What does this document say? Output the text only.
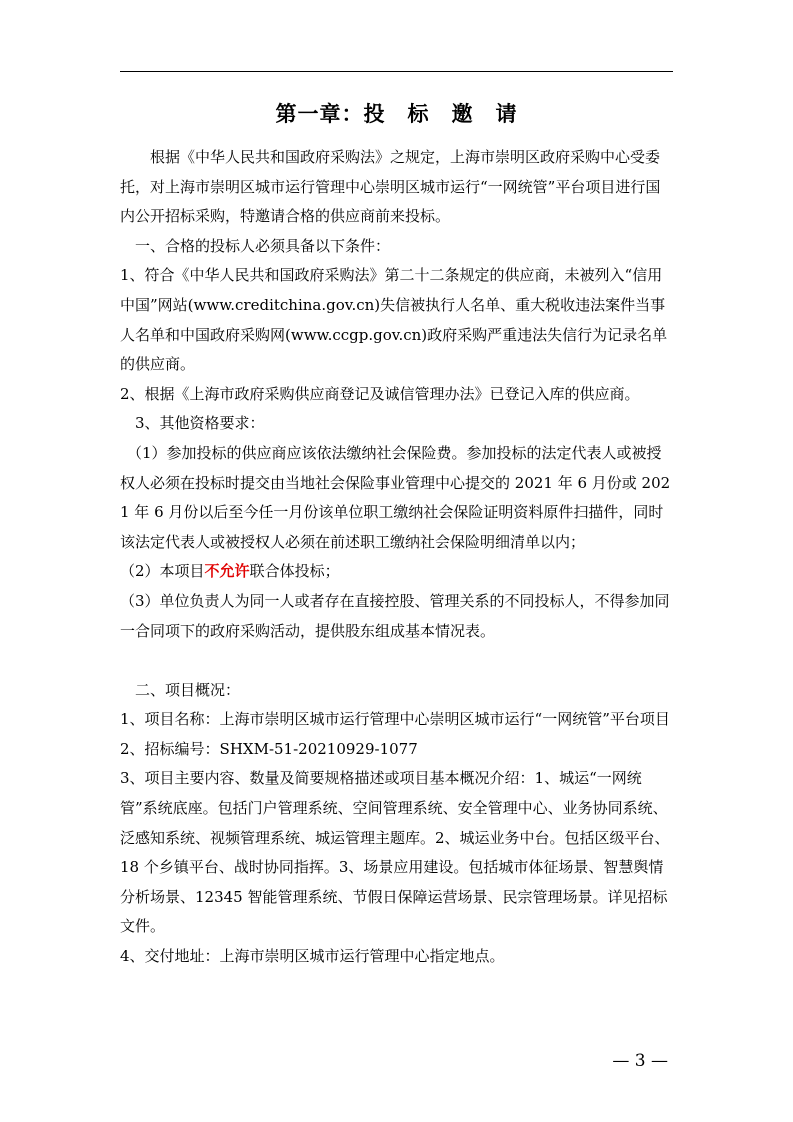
第一章：投　标　邀　请

根据《中华人民共和国政府采购法》之规定，上海市崇明区政府采购中心受委托，对上海市崇明区城市运行管理中心崇明区城市运行“一网统管”平台项目进行国内公开招标采购，特邀请合格的供应商前来投标。

一、合格的投标人必须具备以下条件：

1、符合《中华人民共和国政府采购法》第二十二条规定的供应商，未被列入“信用中国”网站(www.creditchina.gov.cn)失信被执行人名单、重大税收违法案件当事人名单和中国政府采购网(www.ccgp.gov.cn)政府采购严重违法失信行为记录名单的供应商。

2、根据《上海市政府采购供应商登记及诚信管理办法》已登记入库的供应商。

3、其他资格要求：

（1）参加投标的供应商应该依法缴纳社会保险费。参加投标的法定代表人或被授权人必须在投标时提交由当地社会保险事业管理中心提交的 2021 年 6 月份或 2021 年 6 月份以后至今任一月份该单位职工缴纳社会保险证明资料原件扫描件，同时该法定代表人或被授权人必须在前述职工缴纳社会保险明细清单以内；

（2）本项目不允许联合体投标；

（3）单位负责人为同一人或者存在直接控股、管理关系的不同投标人，不得参加同一合同项下的政府采购活动，提供股东组成基本情况表。

二、项目概况：

1、项目名称：上海市崇明区城市运行管理中心崇明区城市运行“一网统管”平台项目

2、招标编号：SHXM-51-20210929-1077

3、项目主要内容、数量及简要规格描述或项目基本概况介绍：1、城运“一网统管”系统底座。包括门户管理系统、空间管理系统、安全管理中心、业务协同系统、泛感知系统、视频管理系统、城运管理主题库。2、城运业务中台。包括区级平台、18 个乡镇平台、战时协同指挥。3、场景应用建设。包括城市体征场景、智慧舆情分析场景、12345 智能管理系统、节假日保障运营场景、民宗管理场景。详见招标文件。

4、交付地址：上海市崇明区城市运行管理中心指定地点。

— 3 —
